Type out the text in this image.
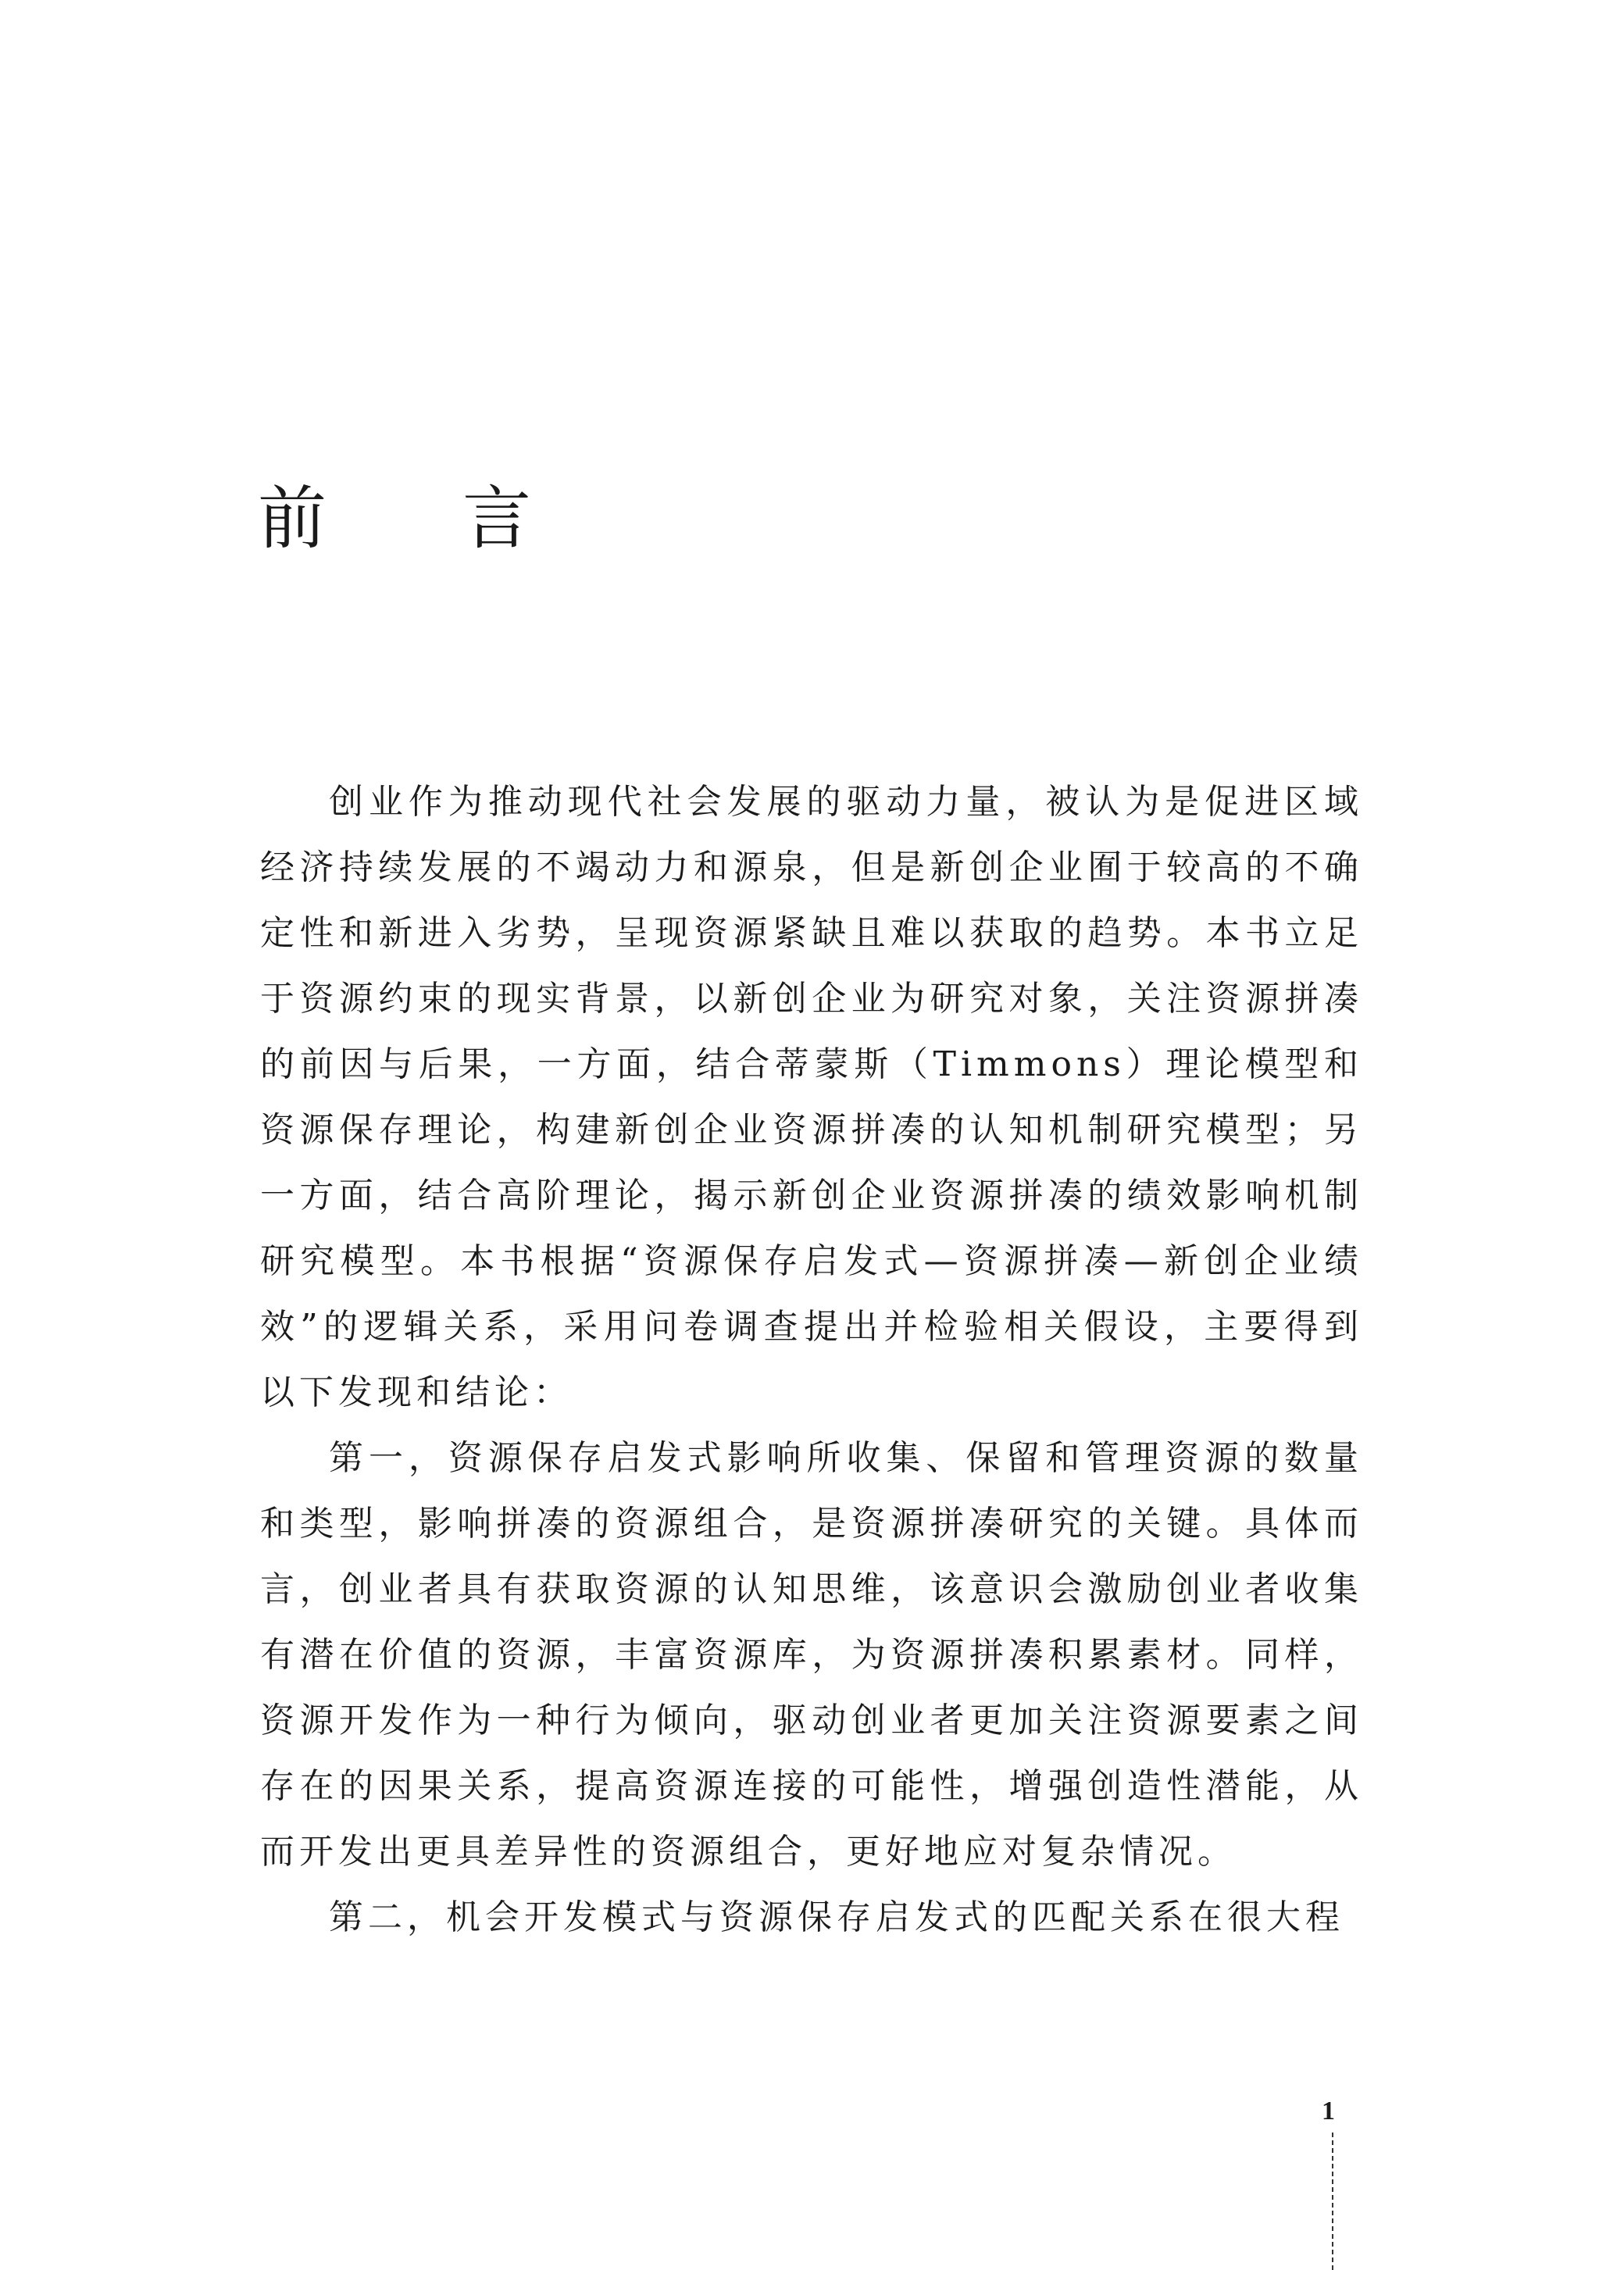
前	言

创业作为推动现代社会发展的驱动力量，被认为是促进区域经济持续发展的不竭动力和源泉，但是新创企业囿于较高的不确定性和新进入劣势，呈现资源紧缺且难以获取的趋势。本书立足于资源约束的现实背景，以新创企业为研究对象，关注资源拼凑的前因与后果，一方面，结合蒂蒙斯（Timmons）理论模型和资源保存理论，构建新创企业资源拼凑的认知机制研究模型；另一方面，结合高阶理论，揭示新创企业资源拼凑的绩效影响机制研究模型。本书根据“资源保存启发式—资源拼凑—新创企业绩效”的逻辑关系，采用问卷调查提出并检验相关假设，主要得到以下发现和结论：

第一，资源保存启发式影响所收集、保留和管理资源的数量和类型，影响拼凑的资源组合，是资源拼凑研究的关键。具体而言，创业者具有获取资源的认知思维，该意识会激励创业者收集有潜在价值的资源，丰富资源库，为资源拼凑积累素材。同样，资源开发作为一种行为倾向，驱动创业者更加关注资源要素之间存在的因果关系，提高资源连接的可能性，增强创造性潜能，从而开发出更具差异性的资源组合，更好地应对复杂情况。

第二，机会开发模式与资源保存启发式的匹配关系在很大程

1
